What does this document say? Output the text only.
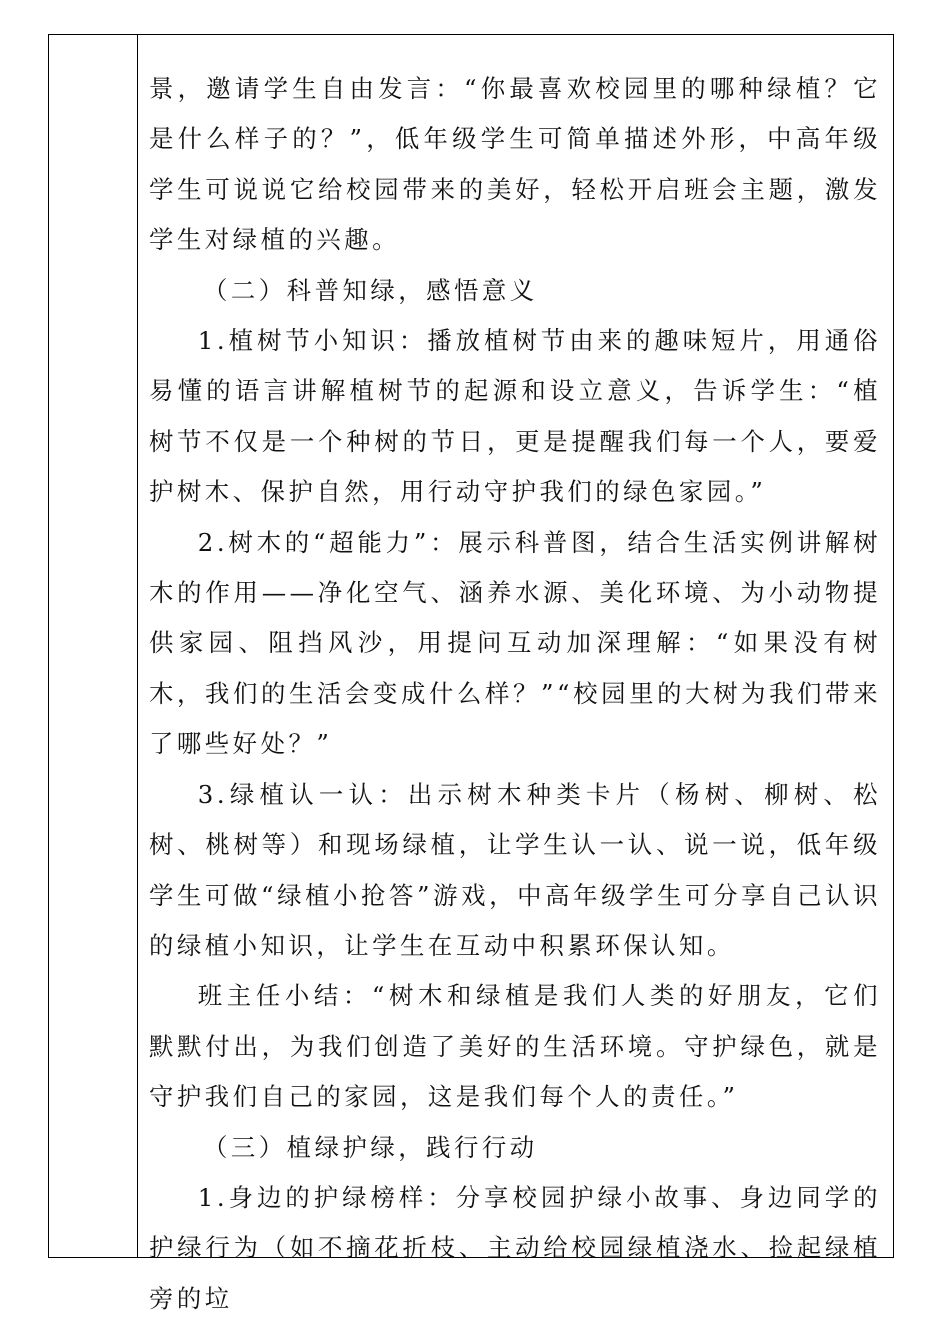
景，邀请学生自由发言：“你最喜欢校园里的哪种绿植？它是什么样子的？”，低年级学生可简单描述外形，中高年级学生可说说它给校园带来的美好，轻松开启班会主题，激发学生对绿植的兴趣。

（二）科普知绿，感悟意义

1.植树节小知识：播放植树节由来的趣味短片，用通俗易懂的语言讲解植树节的起源和设立意义，告诉学生：“植树节不仅是一个种树的节日，更是提醒我们每一个人，要爱护树木、保护自然，用行动守护我们的绿色家园。”

2.树木的“超能力”：展示科普图，结合生活实例讲解树木的作用——净化空气、涵养水源、美化环境、为小动物提供家园、阻挡风沙，用提问互动加深理解：“如果没有树木，我们的生活会变成什么样？”“校园里的大树为我们带来了哪些好处？”

3.绿植认一认：出示树木种类卡片（杨树、柳树、松树、桃树等）和现场绿植，让学生认一认、说一说，低年级学生可做“绿植小抢答”游戏，中高年级学生可分享自己认识的绿植小知识，让学生在互动中积累环保认知。

班主任小结：“树木和绿植是我们人类的好朋友，它们默默付出，为我们创造了美好的生活环境。守护绿色，就是守护我们自己的家园，这是我们每个人的责任。”

（三）植绿护绿，践行行动

1.身边的护绿榜样：分享校园护绿小故事、身边同学的护绿行为（如不摘花折枝、主动给校园绿植浇水、捡起绿植旁的垃
